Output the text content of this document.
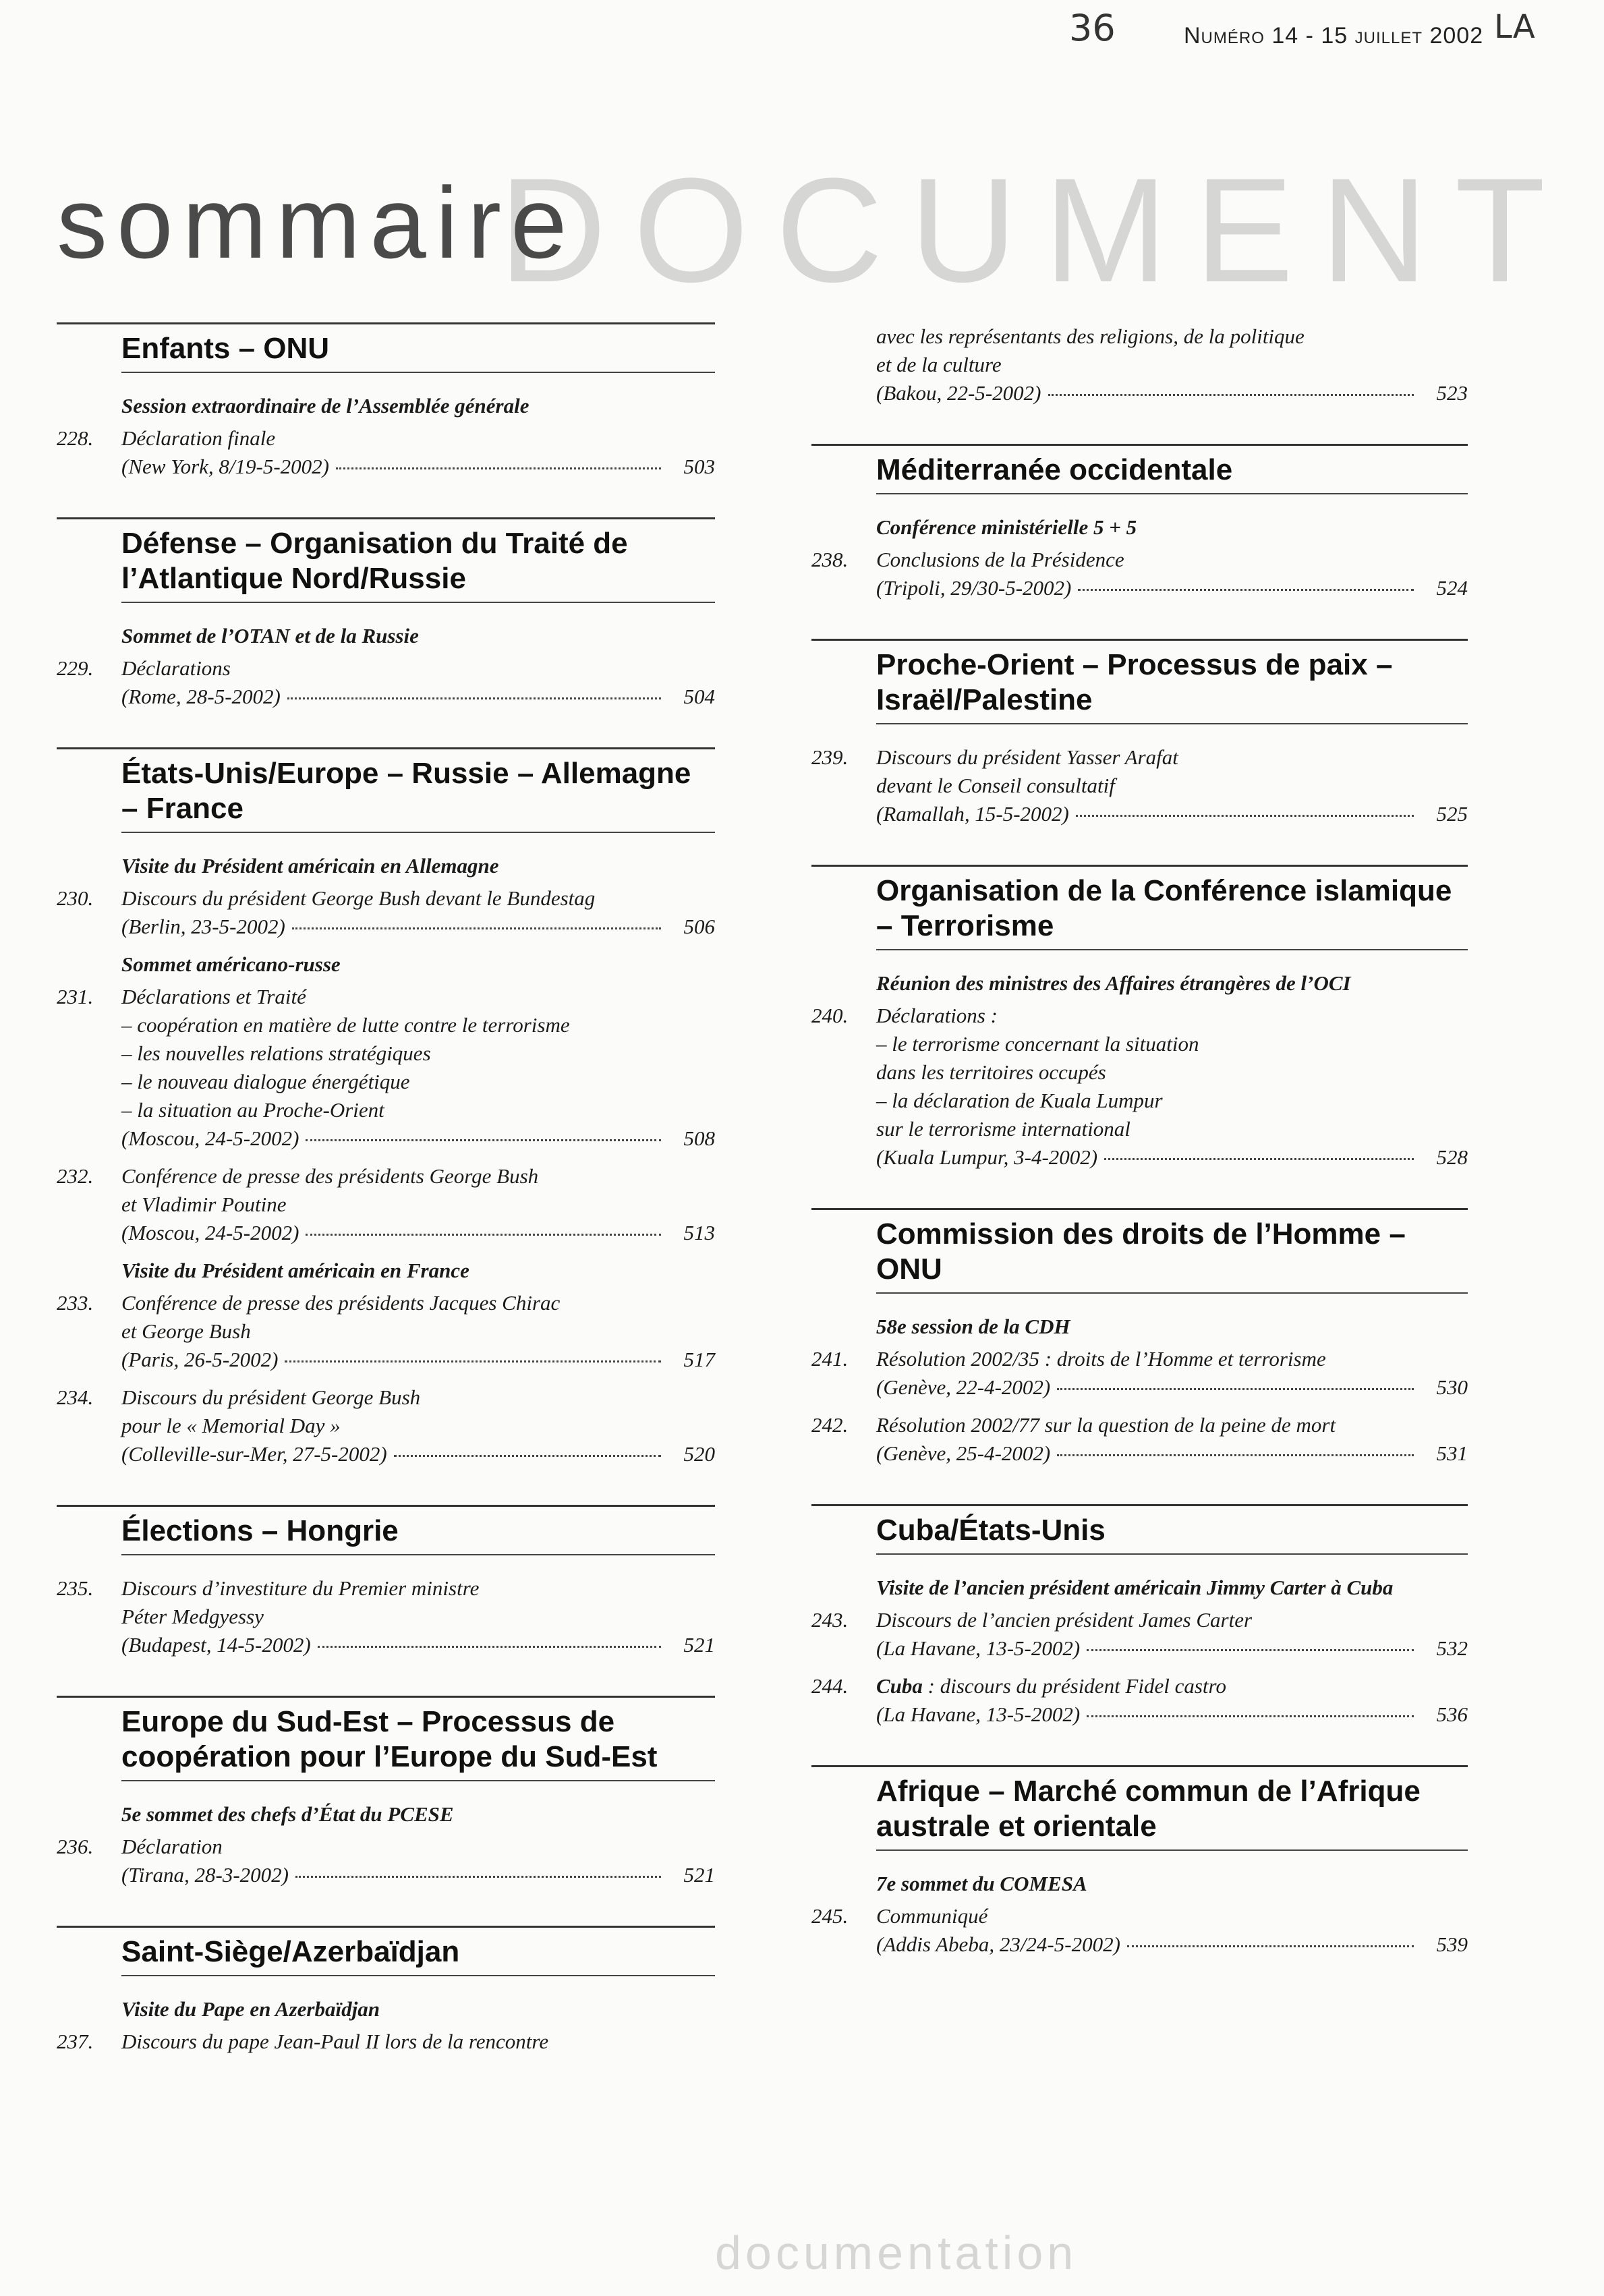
36	Numéro 14 - 15 juillet 2002 LA
DOCUMENT
documentation
sommaire
Enfants – ONU
Session extraordinaire de l’Assemblée générale
228.	Déclaration finale
(New York, 8/19-5-2002)	503
Défense – Organisation du Traité de l’Atlantique Nord/Russie
Sommet de l’OTAN et de la Russie
229.	Déclarations
(Rome, 28-5-2002)	504
États-Unis/Europe – Russie – Allemagne – France
Visite du Président américain en Allemagne
230.	Discours du président George Bush devant le Bundestag
(Berlin, 23-5-2002)	506
Sommet américano-russe
231.	Déclarations et Traité
– coopération en matière de lutte contre le terrorisme
– les nouvelles relations stratégiques
– le nouveau dialogue énergétique
– la situation au Proche-Orient
(Moscou, 24-5-2002)	508
232.	Conférence de presse des présidents George Bush
et Vladimir Poutine
(Moscou, 24-5-2002)	513
Visite du Président américain en France
233.	Conférence de presse des présidents Jacques Chirac
et George Bush
(Paris, 26-5-2002)	517
234.	Discours du président George Bush
pour le « Memorial Day »
(Colleville-sur-Mer, 27-5-2002)	520
Élections – Hongrie
235.	Discours d’investiture du Premier ministre
Péter Medgyessy
(Budapest, 14-5-2002)	521
Europe du Sud-Est – Processus de coopération pour l’Europe du Sud-Est
5e sommet des chefs d’État du PCESE
236.	Déclaration
(Tirana, 28-3-2002)	521
Saint-Siège/Azerbaïdjan
Visite du Pape en Azerbaïdjan
237.	Discours du pape Jean-Paul II lors de la rencontre
avec les représentants des religions, de la politique
et de la culture
(Bakou, 22-5-2002)	523
Méditerranée occidentale
Conférence ministérielle 5 + 5
238.	Conclusions de la Présidence
(Tripoli, 29/30-5-2002)	524
Proche-Orient – Processus de paix – Israël/Palestine
239.	Discours du président Yasser Arafat
devant le Conseil consultatif
(Ramallah, 15-5-2002)	525
Organisation de la Conférence islamique – Terrorisme
Réunion des ministres des Affaires étrangères de l’OCI
240.	Déclarations :
– le terrorisme concernant la situation
dans les territoires occupés
– la déclaration de Kuala Lumpur
sur le terrorisme international
(Kuala Lumpur, 3-4-2002)	528
Commission des droits de l’Homme – ONU
58e session de la CDH
241.	Résolution 2002/35 : droits de l’Homme et terrorisme
(Genève, 22-4-2002)	530
242.	Résolution 2002/77 sur la question de la peine de mort
(Genève, 25-4-2002)	531
Cuba/États-Unis
Visite de l’ancien président américain Jimmy Carter à Cuba
243.	Discours de l’ancien président James Carter
(La Havane, 13-5-2002)	532
244.	Cuba : discours du président Fidel castro
(La Havane, 13-5-2002)	536
Afrique – Marché commun de l’Afrique australe et orientale
7e sommet du COMESA
245.	Communiqué
(Addis Abeba, 23/24-5-2002)	539
